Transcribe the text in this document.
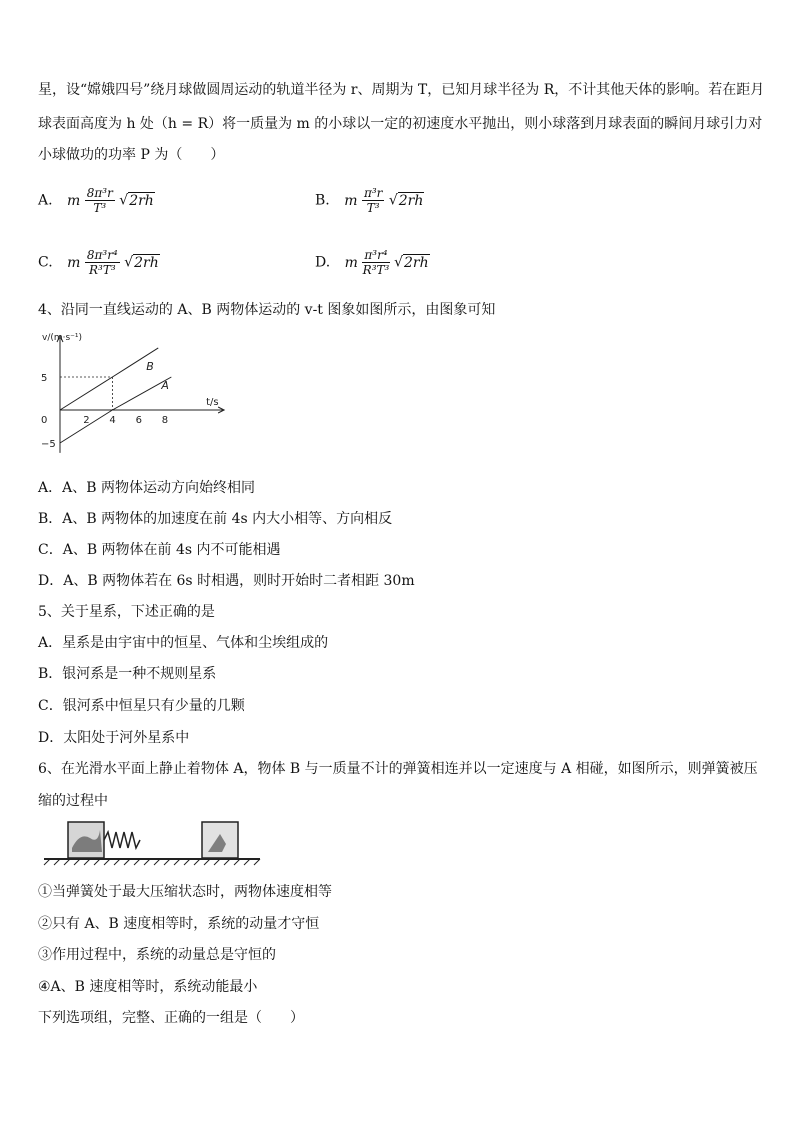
星，设“嫦娥四号”绕月球做圆周运动的轨道半径为 r、周期为 T，已知月球半径为 R，不计其他天体的影响。若在距月
球表面高度为 h 处（h = R）将一质量为 m 的小球以一定的初速度水平抛出，则小球落到月球表面的瞬间月球引力对
小球做功的功率 P 为（　　）
A. m $\frac{\text{8π³r}}{\text{T³}} √2rh$	B. m $\frac{\text{π³r}}{\text{T³}} √2rh$
C. m $\frac{\text{8π³r⁴}}{\text{R³T³}} √2rh$	D. m $\frac{\text{π³r⁴}}{\text{R³T³}} √2rh$
4、沿同一直线运动的 A、B 两物体运动的 v-t 图象如图所示，由图象可知
B
A
2 4 6 8
5
0
−5
v/(m·s⁻¹)
t/s
A．A、B 两物体运动方向始终相同
B．A、B 两物体的加速度在前 4s 内大小相等、方向相反
C．A、B 两物体在前 4s 内不可能相遇
D．A、B 两物体若在 6s 时相遇，则时开始时二者相距 30m
5、关于星系，下述正确的是
A．星系是由宇宙中的恒星、气体和尘埃组成的
B．银河系是一种不规则星系
C．银河系中恒星只有少量的几颗
D．太阳处于河外星系中
6、在光滑水平面上静止着物体 A，物体 B 与一质量不计的弹簧相连并以一定速度与 A 相碰，如图所示，则弹簧被压
缩的过程中
①当弹簧处于最大压缩状态时，两物体速度相等
②只有 A、B 速度相等时，系统的动量才守恒
③作用过程中，系统的动量总是守恒的
④A、B 速度相等时，系统动能最小
下列选项组，完整、正确的一组是（　　）
